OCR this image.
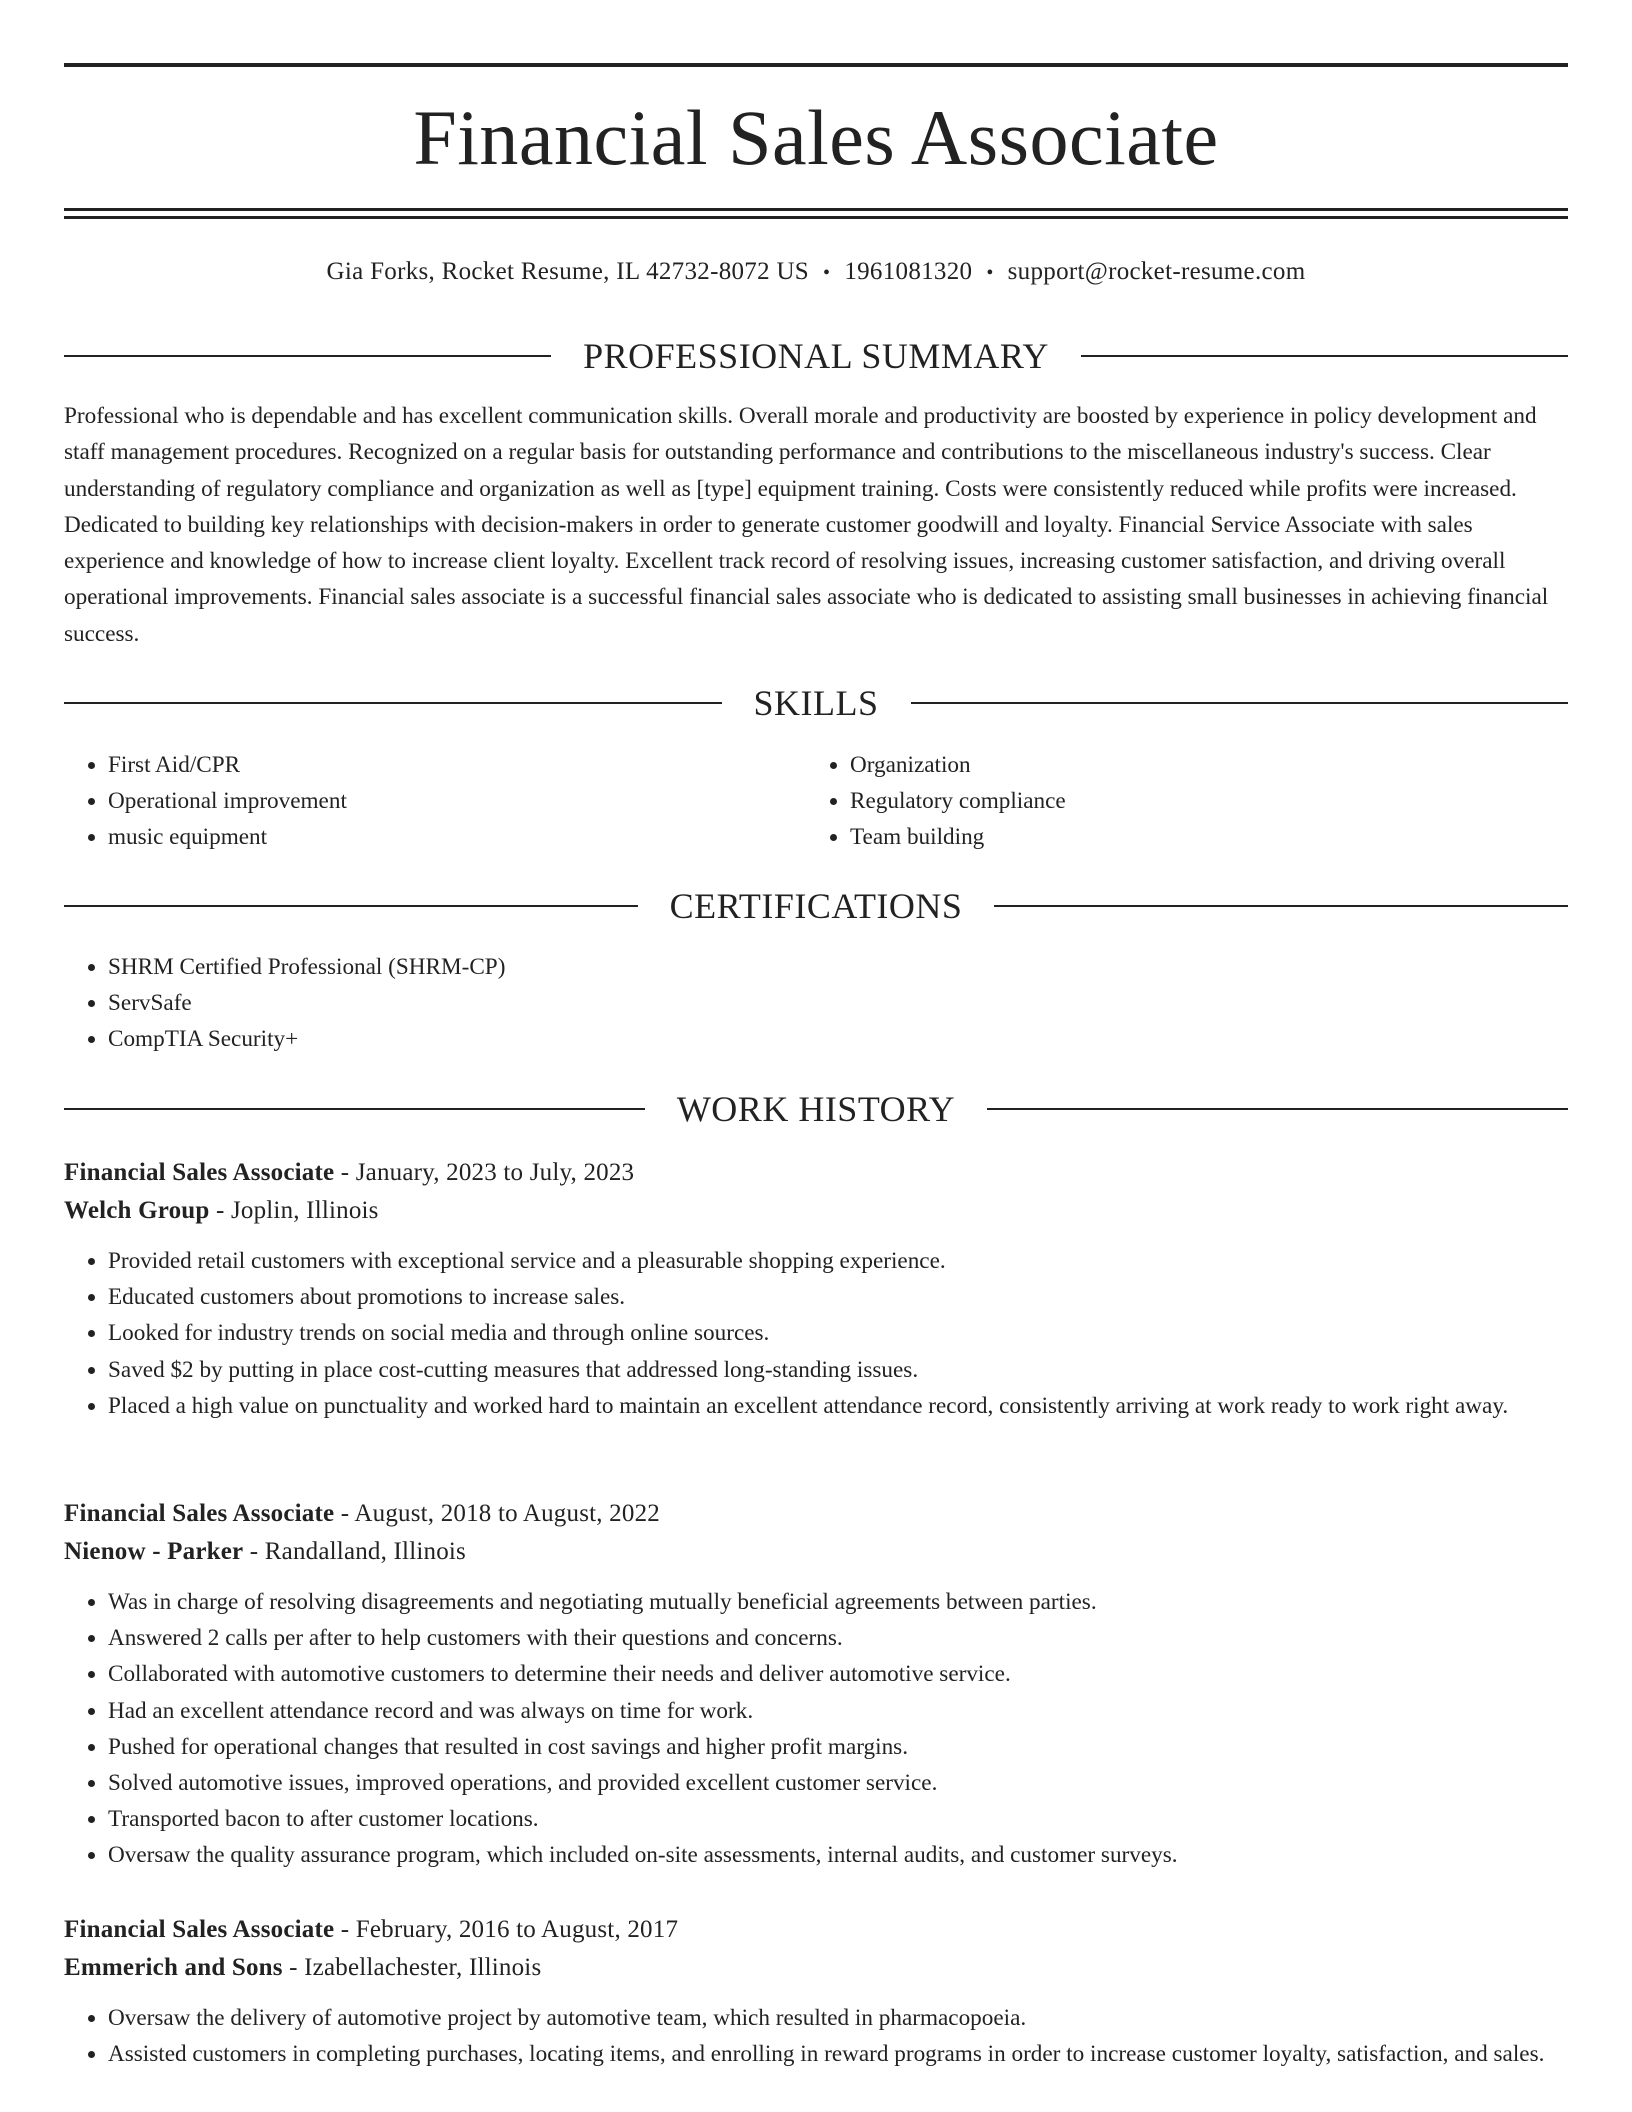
Financial Sales Associate
Gia Forks, Rocket Resume, IL 42732-8072 US • 1961081320 • support@rocket-resume.com
PROFESSIONAL SUMMARY

Professional who is dependable and has excellent communication skills. Overall morale and productivity are boosted by experience in policy development and staff management procedures. Recognized on a regular basis for outstanding performance and contributions to the miscellaneous industry's success. Clear understanding of regulatory compliance and organization as well as [type] equipment training. Costs were consistently reduced while profits were increased. Dedicated to building key relationships with decision-makers in order to generate customer goodwill and loyalty. Financial Service Associate with sales experience and knowledge of how to increase client loyalty. Excellent track record of resolving issues, increasing customer satisfaction, and driving overall operational improvements. Financial sales associate is a successful financial sales associate who is dedicated to assisting small businesses in achieving financial success.

SKILLS
• First Aid/CPR
• Operational improvement
• music equipment
• Organization
• Regulatory compliance
• Team building
CERTIFICATIONS
• SHRM Certified Professional (SHRM-CP)
• ServSafe
• CompTIA Security+
WORK HISTORY
Financial Sales Associate - January, 2023 to July, 2023
Welch Group - Joplin, Illinois
• Provided retail customers with exceptional service and a pleasurable shopping experience.
• Educated customers about promotions to increase sales.
• Looked for industry trends on social media and through online sources.
• Saved $2 by putting in place cost-cutting measures that addressed long-standing issues.
• Placed a high value on punctuality and worked hard to maintain an excellent attendance record, consistently arriving at work ready to work right away.
Financial Sales Associate - August, 2018 to August, 2022
Nienow - Parker - Randalland, Illinois
• Was in charge of resolving disagreements and negotiating mutually beneficial agreements between parties.
• Answered 2 calls per after to help customers with their questions and concerns.
• Collaborated with automotive customers to determine their needs and deliver automotive service.
• Had an excellent attendance record and was always on time for work.
• Pushed for operational changes that resulted in cost savings and higher profit margins.
• Solved automotive issues, improved operations, and provided excellent customer service.
• Transported bacon to after customer locations.
• Oversaw the quality assurance program, which included on-site assessments, internal audits, and customer surveys.
Financial Sales Associate - February, 2016 to August, 2017
Emmerich and Sons - Izabellachester, Illinois
• Oversaw the delivery of automotive project by automotive team, which resulted in pharmacopoeia.
• Assisted customers in completing purchases, locating items, and enrolling in reward programs in order to increase customer loyalty, satisfaction, and sales.
